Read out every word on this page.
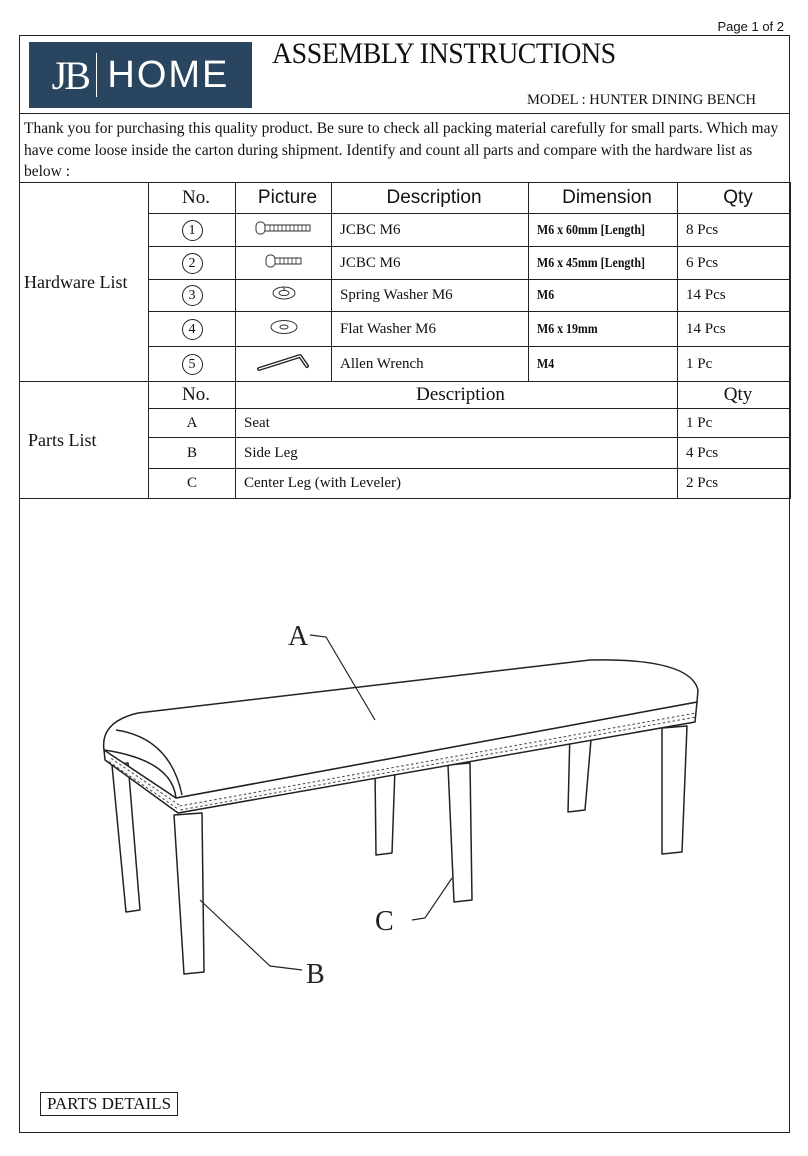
Page 1 of 2
JB HOME ASSEMBLY INSTRUCTIONS
MODEL : HUNTER DINING BENCH
Thank you for purchasing this quality product. Be sure to check all packing material carefully for small parts. Which may have come loose inside the carton during shipment. Identify and count all parts and compare with the hardware list as below :
Hardware List	No.	Picture	Description	Dimension	Qty
	1		JCBC M6	M6 x 60mm [Length]	8 Pcs
	2		JCBC M6	M6 x 45mm [Length]	6 Pcs
	3		Spring Washer M6	M6	14 Pcs
	4		Flat Washer M6	M6 x 19mm	14 Pcs
	5		Allen Wrench	M4	1 Pc
Parts List	No.	Description			Qty
	A	Seat			1 Pc
	B	Side Leg			4 Pcs
	C	Center Leg (with Leveler)			2 Pcs
A
B
C
PARTS DETAILS
